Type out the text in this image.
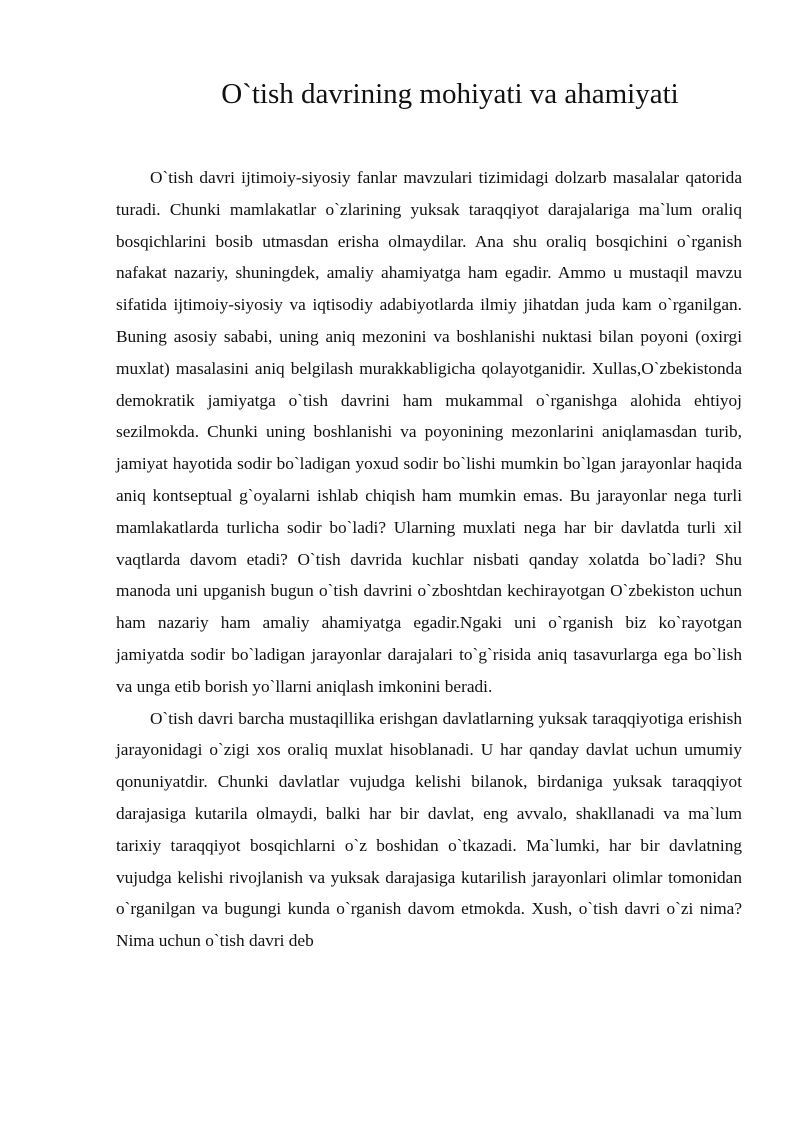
O`tish davrining mohiyati va ahamiyati

O`tish davri ijtimoiy-siyosiy fanlar mavzulari tizimidagi dolzarb masalalar qatorida turadi. Chunki mamlakatlar o`zlarining yuksak taraqqiyot darajalariga ma`lum oraliq bosqichlarini bosib utmasdan erisha olmaydilar. Ana shu oraliq bosqichini o`rganish nafakat nazariy, shuningdek, amaliy ahamiyatga ham egadir. Ammo u mustaqil mavzu sifatida ijtimoiy-siyosiy va iqtisodiy adabiyotlarda ilmiy jihatdan juda kam o`rganilgan. Buning asosiy sababi, uning aniq mezonini va boshlanishi nuktasi bilan poyoni (oxirgi muxlat) masalasini aniq belgilash murakkabligicha qolayotganidir. Xullas,O`zbekistonda demokratik jamiyatga o`tish davrini ham mukammal o`rganishga alohida ehtiyoj sezilmokda. Chunki uning boshlanishi va poyonining mezonlarini aniqlamasdan turib, jamiyat hayotida sodir bo`ladigan yoxud sodir bo`lishi mumkin bo`lgan jarayonlar haqida aniq kontseptual g`oyalarni ishlab chiqish ham mumkin emas. Bu jarayonlar nega turli mamlakatlarda turlicha sodir bo`ladi? Ularning muxlati nega har bir davlatda turli xil vaqtlarda davom etadi? O`tish davrida kuchlar nisbati qanday xolatda bo`ladi? Shu manoda uni upganish bugun o`tish davrini o`zboshtdan kechirayotgan O`zbekiston uchun ham nazariy ham amaliy ahamiyatga egadir.Ngaki uni o`rganish biz ko`rayotgan jamiyatda sodir bo`ladigan jarayonlar darajalari to`g`risida aniq tasavurlarga ega bo`lish va unga etib borish yo`llarni aniqlash imkonini beradi.

O`tish davri barcha mustaqillika erishgan davlatlarning yuksak taraqqiyotiga erishish jarayonidagi o`zigi xos oraliq muxlat hisoblanadi. U har qanday davlat uchun umumiy qonuniyatdir. Chunki davlatlar vujudga kelishi bilanok, birdaniga yuksak taraqqiyot darajasiga kutarila olmaydi, balki har bir davlat, eng avvalo, shakllanadi va ma`lum tarixiy taraqqiyot bosqichlarni o`z boshidan o`tkazadi. Ma`lumki, har bir davlatning vujudga kelishi rivojlanish va yuksak darajasiga kutarilish jarayonlari olimlar tomonidan o`rganilgan va bugungi kunda o`rganish davom etmokda. Xush, o`tish davri o`zi nima? Nima uchun o`tish davri deb
